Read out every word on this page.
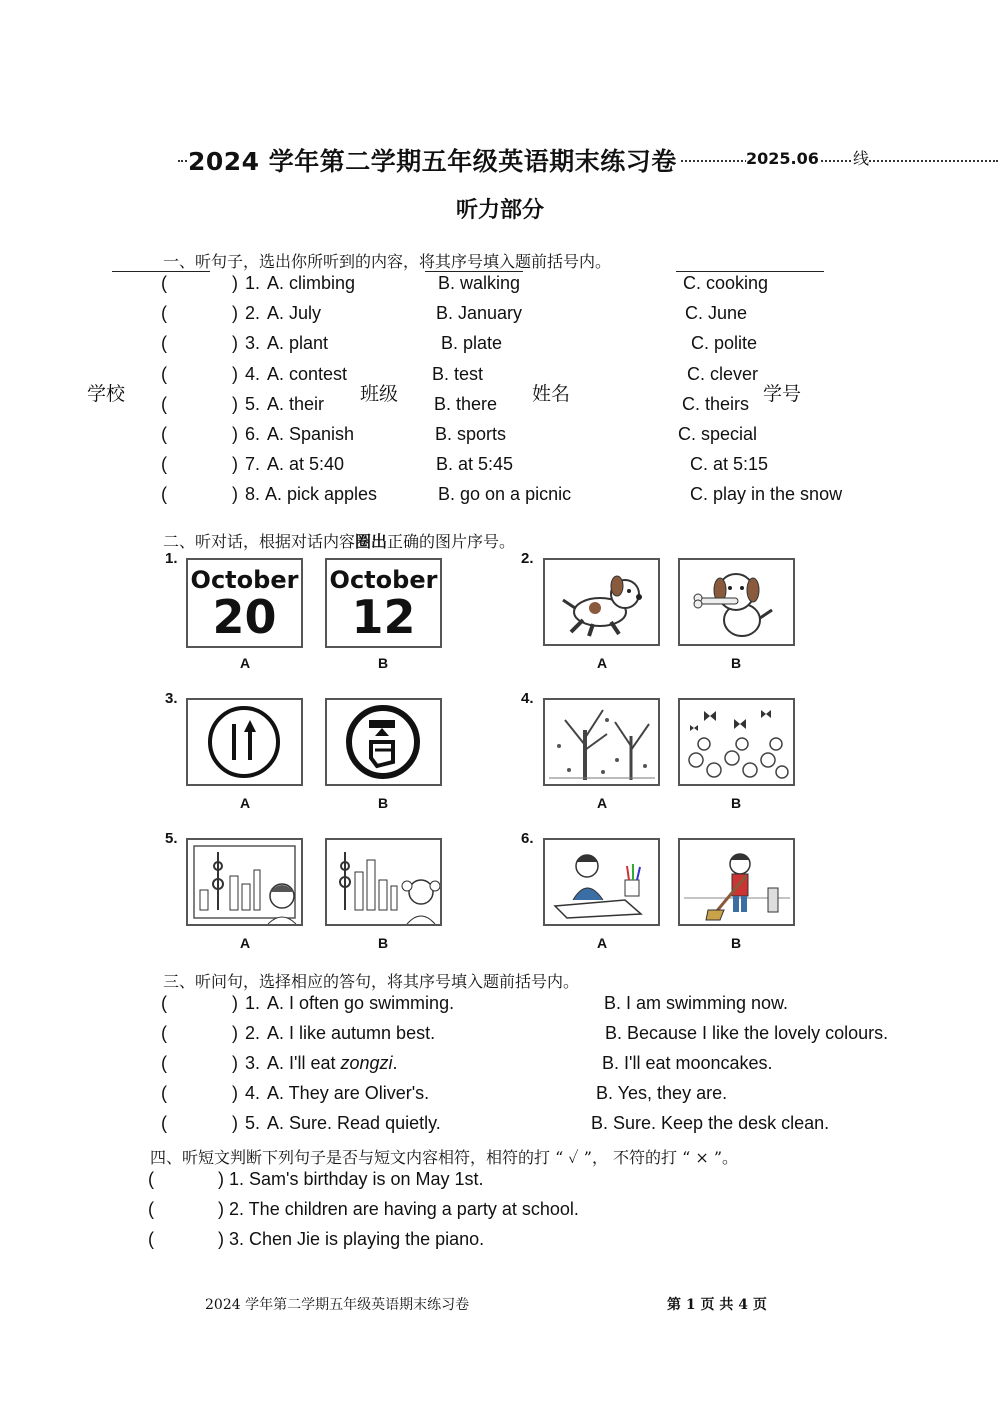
2024 学年第二学期五年级英语期末练习卷	2025.06 线
听力部分
一、听句子，选出你所听到的内容，将其序号填入题前括号内。
学校	班级	姓名	学号
(	) 1. A. climbing	B. walking	C. cooking
(	) 2. A. July	B. January	C. June
(	) 3. A. plant	B. plate	C. polite
(	) 4. A. contest	B. test	C. clever
(	) 5. A. their	B. there	C. theirs
(	) 6. A. Spanish	B. sports	C. special
(	) 7. A. at 5:40	B. at 5:45	C. at 5:15
(	) 8. A. pick apples	B. go on a picnic	C. play in the snow
二、听对话，根据对话内容圈出正确的图片序号。
1.
October
20
October
12
A	B
2.
A	B
3.
A	B
4.
A	B
5.
A	B
6.
A	B
三、听问句，选择相应的答句，将其序号填入题前括号内。
(	) 1. A. I often go swimming.	B. I am swimming now.
(	) 2. A. I like autumn best.	B. Because I like the lovely colours.
(	) 3. A. I'll eat zongzi.	B. I'll eat mooncakes.
(	) 4. A. They are Oliver's.	B. Yes, they are.
(	) 5. A. Sure. Read quietly.	B. Sure. Keep the desk clean.
四、听短文判断下列句子是否与短文内容相符，相符的打 “ ✓ ”， 不符的打 “ × ”。
(	) 1. Sam's birthday is on May 1st.
(	) 2. The children are having a party at school.
(	) 3. Chen Jie is playing the piano.
2024 学年第二学期五年级英语期末练习卷	第 1 页 共 4 页
